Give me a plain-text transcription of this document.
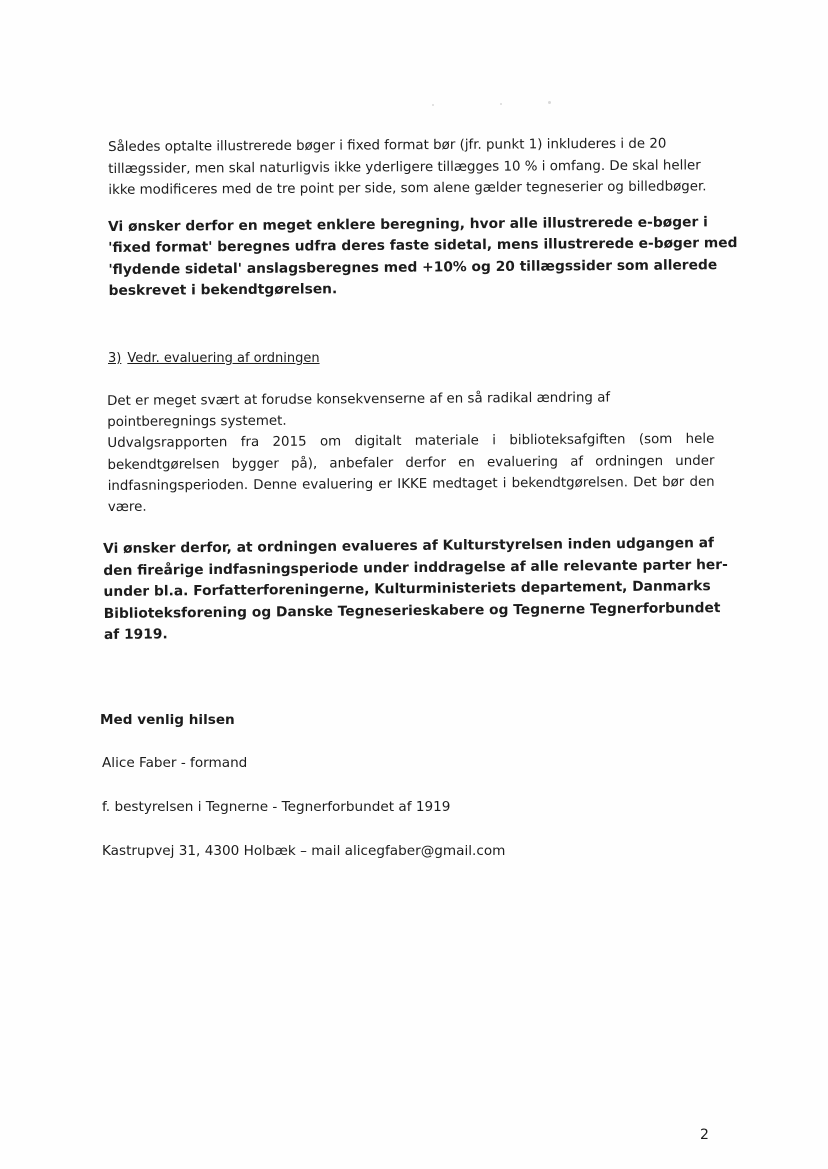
Således optalte illustrerede bøger i fixed format bør (jfr. punkt 1) inkluderes i de 20
tillægssider, men skal naturligvis ikke yderligere tillægges 10 % i omfang. De skal heller
ikke modificeres med de tre point per side, som alene gælder tegneserier og billedbøger.
Vi ønsker derfor en meget enklere beregning, hvor alle illustrerede e-bøger i
'fixed format' beregnes udfra deres faste sidetal, mens illustrerede e-bøger med
'flydende sidetal' anslagsberegnes med +10% og 20 tillægssider som allerede
beskrevet i bekendtgørelsen.
3) Vedr. evaluering af ordningen
Det er meget svært at forudse konsekvenserne af en så radikal ændring af
pointberegnings systemet.
Udvalgsrapporten fra 2015 om digitalt materiale i biblioteksafgiften (som hele
bekendtgørelsen bygger på), anbefaler derfor en evaluering af ordningen under
indfasningsperioden. Denne evaluering er IKKE medtaget i bekendtgørelsen. Det bør den
være.
Vi ønsker derfor, at ordningen evalueres af Kulturstyrelsen inden udgangen af
den fireårige indfasningsperiode under inddragelse af alle relevante parter her-
under bl.a. Forfatterforeningerne, Kulturministeriets departement, Danmarks
Biblioteksforening og Danske Tegneserieskabere og Tegnerne Tegnerforbundet
af 1919.
Med venlig hilsen
Alice Faber - formand
f. bestyrelsen i Tegnerne - Tegnerforbundet af 1919
Kastrupvej 31, 4300 Holbæk – mail alicegfaber@gmail.com
2
